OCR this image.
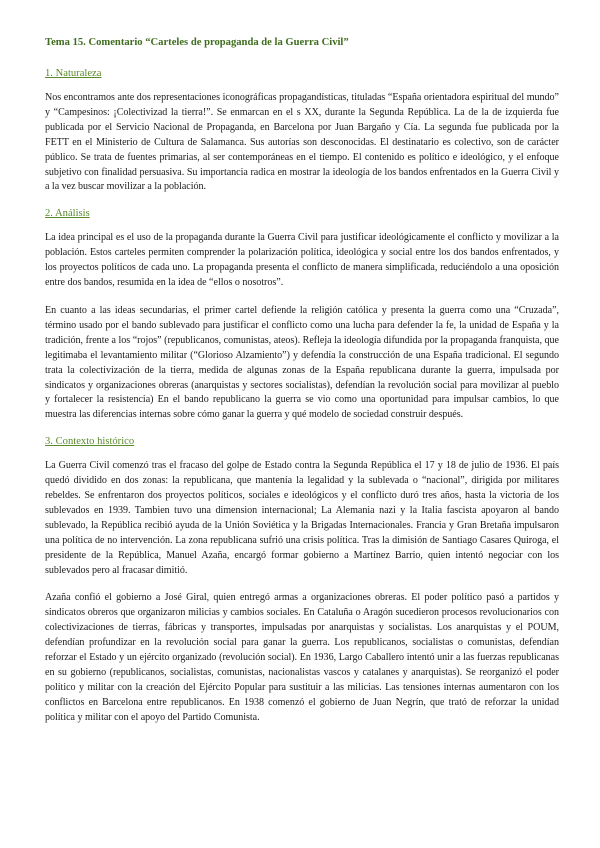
Tema 15. Comentario “Carteles de propaganda de la Guerra Civil”
1. Naturaleza

Nos encontramos ante dos representaciones iconográficas propagandísticas, tituladas “España orientadora espiritual del mundo” y “Campesinos: ¡Colectivizad la tierra!”. Se enmarcan en el s XX, durante la Segunda República. La de la de izquierda fue publicada por el Servicio Nacional de Propaganda, en Barcelona por Juan Bargaño y Cía. La segunda fue publicada por la FETT en el Ministerio de Cultura de Salamanca. Sus autorías son desconocidas. El destinatario es colectivo, son de carácter público. Se trata de fuentes primarias, al ser contemporáneas en el tiempo. El contenido es político e ideológico, y el enfoque subjetivo con finalidad persuasiva. Su importancia radica en mostrar la ideología de los bandos enfrentados en la Guerra Civil y a la vez buscar movilizar a la población.

2. Análisis

La idea principal es el uso de la propaganda durante la Guerra Civil para justificar ideológicamente el conflicto y movilizar a la población. Estos carteles permiten comprender la polarización política, ideológica y social entre los dos bandos enfrentados, y los proyectos políticos de cada uno. La propaganda presenta el conflicto de manera simplificada, reduciéndolo a una oposición entre dos bandos, resumida en la idea de “ellos o nosotros”.

En cuanto a las ideas secundarias, el primer cartel defiende la religión católica y presenta la guerra como una “Cruzada”, término usado por el bando sublevado para justificar el conflicto como una lucha para defender la fe, la unidad de España y la tradición, frente a los “rojos” (republicanos, comunistas, ateos). Refleja la ideología difundida por la propaganda franquista, que legitimaba el levantamiento militar (“Glorioso Alzamiento”) y defendía la construcción de una España tradicional. El segundo trata la colectivización de la tierra, medida de algunas zonas de la España republicana durante la guerra, impulsada por sindicatos y organizaciones obreras (anarquistas y sectores socialistas), defendían la revolución social para movilizar al pueblo y fortalecer la resistencia) En el bando republicano la guerra se vio como una oportunidad para impulsar cambios, lo que muestra las diferencias internas sobre cómo ganar la guerra y qué modelo de sociedad construir después.

3. Contexto histórico

La Guerra Civil comenzó tras el fracaso del golpe de Estado contra la Segunda República el 17 y 18 de julio de 1936. El país quedó dividido en dos zonas: la republicana, que mantenía la legalidad y la sublevada o “nacional”, dirigida por militares rebeldes. Se enfrentaron dos proyectos políticos, sociales e ideológicos y el conflicto duró tres años, hasta la victoria de los sublevados en 1939. Tambien tuvo una dimension internacional; La Alemania nazi y la Italia fascista apoyaron al bando sublevado, la República recibió ayuda de la Unión Soviética y la Brigadas Internacionales. Francia y Gran Bretaña impulsaron una política de no intervención. La zona republicana sufrió una crisis política. Tras la dimisión de Santiago Casares Quiroga, el presidente de la República, Manuel Azaña, encargó formar gobierno a Martínez Barrio, quien intentó negociar con los sublevados pero al fracasar dimitió.

Azaña confió el gobierno a José Giral, quien entregó armas a organizaciones obreras. El poder político pasó a partidos y sindicatos obreros que organizaron milicias y cambios sociales. En Cataluña o Aragón sucedieron procesos revolucionarios con colectivizaciones de tierras, fábricas y transportes, impulsadas por anarquistas y socialistas. Los anarquistas y el POUM, defendían profundizar en la revolución social para ganar la guerra. Los republicanos, socialistas o comunistas, defendían reforzar el Estado y un ejército organizado (revolución social). En 1936, Largo Caballero intentó unir a las fuerzas republicanas en su gobierno (republicanos, socialistas, comunistas, nacionalistas vascos y catalanes y anarquistas). Se reorganizó el poder político y militar con la creación del Ejército Popular para sustituir a las milicias. Las tensiones internas aumentaron con los conflictos en Barcelona entre republicanos. En 1938 comenzó el gobierno de Juan Negrín, que trató de reforzar la unidad política y militar con el apoyo del Partido Comunista.
